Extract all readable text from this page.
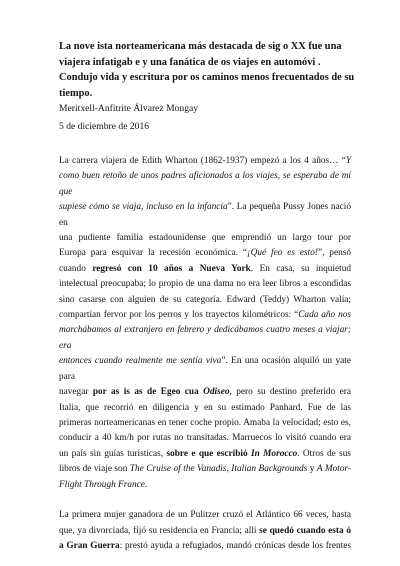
La nove ista norteamericana más destacada de sig o XX fue una
viajera infatigab e y una fanática de os viajes en automóvi .
Condujo vida y escritura por os caminos menos frecuentados de su
tiempo.
Meritxell-Anfitrite Álvarez Mongay
5 de diciembre de 2016
La carrera viajera de Edith Wharton (1862-1937) empezó a los 4 años… “Y
como buen retoño de unos padres aficionados a los viajes, se esperaba de mí que
supiese cómo se viaja, incluso en la infancia”. La pequeña Pussy Jones nació en
una pudiente familia estadounidense que emprendió un largo tour por
Europa para esquivar la recesión económica. “¡Qué feo es esto!”, pensó
cuando regresó con 10 años a Nueva York. En casa, su inquietud
intelectual preocupaba; lo propio de una dama no era leer libros a escondidas
sino casarse con alguien de su categoría. Edward (Teddy) Wharton valía;
compartían fervor por los perros y los trayectos kilométricos: “Cada año nos
marchábamos al extranjero en febrero y dedicábamos cuatro meses a viajar; era
entonces cuando realmente me sentía viva”. En una ocasión alquiló un yate para
navegar por as is as de Egeo cua Odiseo, pero su destino preferido era
Italia, que recorrió en diligencia y en su estimado Panhard. Fue de las
primeras norteamericanas en tener coche propio. Amaba la velocidad; esto es,
conducir a 40 km/h por rutas no transitadas. Marruecos lo visitó cuando era
un país sin guías turísticas, sobre e que escribió In Morocco. Otros de sus
libros de viaje son The Cruise of the Vanadis, Italian Backgrounds y A Motor-
Flight Through France.
La primera mujer ganadora de un Pulitzer cruzó el Atlántico 66 veces, hasta
que, ya divorciada, fijó su residencia en Francia; allí se quedó cuando esta ó
a Gran Guerra: prestó ayuda a refugiados, mandó crónicas desde los frentes
